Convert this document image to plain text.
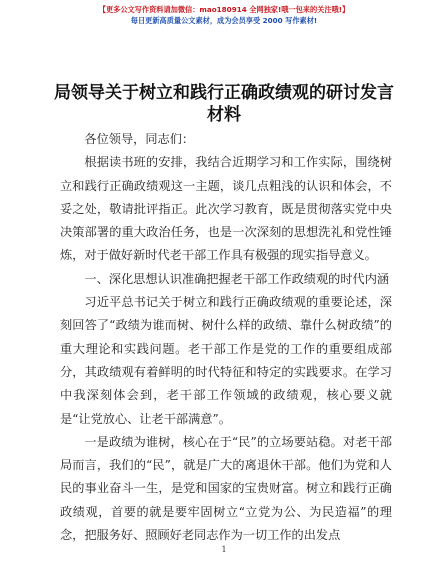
【更多公文写作资料请加微信：mao180914 全网独家!哦一包来的关注哦!】
每日更新高质量公文素材，成为会员享受 2000 写作素材!
局领导关于树立和践行正确政绩观的研讨发言材料

各位领导，同志们：

根据读书班的安排，我结合近期学习和工作实际，围绕树立和践行正确政绩观这一主题，谈几点粗浅的认识和体会，不妥之处，敬请批评指正。此次学习教育，既是贯彻落实党中央决策部署的重大政治任务，也是一次深刻的思想洗礼和党性锤炼，对于做好新时代老干部工作具有极强的现实指导意义。

一、深化思想认识准确把握老干部工作政绩观的时代内涵

习近平总书记关于树立和践行正确政绩观的重要论述，深刻回答了“政绩为谁而树、树什么样的政绩、靠什么树政绩”的重大理论和实践问题。老干部工作是党的工作的重要组成部分，其政绩观有着鲜明的时代特征和特定的实践要求。在学习中我深刻体会到，老干部工作领域的政绩观，核心要义就是“让党放心、让老干部满意”。

一是政绩为谁树，核心在于“民”的立场要站稳。对老干部局而言，我们的“民”，就是广大的离退休干部。他们为党和人民的事业奋斗一生，是党和国家的宝贵财富。树立和践行正确政绩观，首要的就是要牢固树立“立党为公、为民造福”的理念，把服务好、照顾好老同志作为一切工作的出发点

1
